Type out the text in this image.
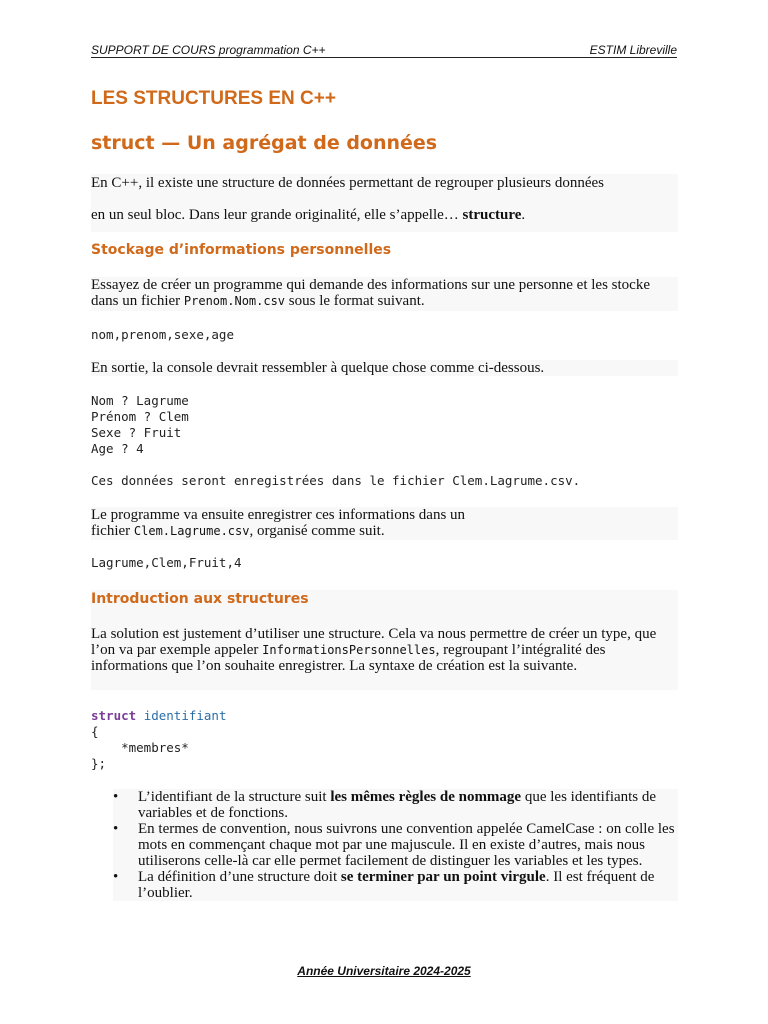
SUPPORT DE COURS programmation C++	ESTIM Libreville
LES STRUCTURES EN C++
struct — Un agrégat de données
En C++, il existe une structure de données permettant de regrouper plusieurs données
en un seul bloc. Dans leur grande originalité, elle s’appelle… structure.
Stockage d’informations personnelles

Essayez de créer un programme qui demande des informations sur une personne et les stocke dans un fichier Prenom.Nom.csv sous le format suivant.

nom,prenom,sexe,age

En sortie, la console devrait ressembler à quelque chose comme ci-dessous.

Nom ? Lagrume
Prénom ? Clem
Sexe ? Fruit
Age ? 4

Ces données seront enregistrées dans le fichier Clem.Lagrume.csv.
Le programme va ensuite enregistrer ces informations dans un
fichier Clem.Lagrume.csv, organisé comme suit.
Lagrume,Clem,Fruit,4
Introduction aux structures
La solution est justement d’utiliser une structure. Cela va nous permettre de créer un type, que l’on va par exemple appeler InformationsPersonnelles, regroupant l’intégralité des informations que l’on souhaite enregistrer. La syntaxe de création est la suivante.
struct identifiant
{
*membres*
};
• L’identifiant de la structure suit les mêmes règles de nommage que les identifiants de variables et de fonctions.
• En termes de convention, nous suivrons une convention appelée CamelCase : on colle les mots en commençant chaque mot par une majuscule. Il en existe d’autres, mais nous utiliserons celle-là car elle permet facilement de distinguer les variables et les types.
• La définition d’une structure doit se terminer par un point virgule. Il est fréquent de l’oublier.
Année Universitaire 2024-2025
